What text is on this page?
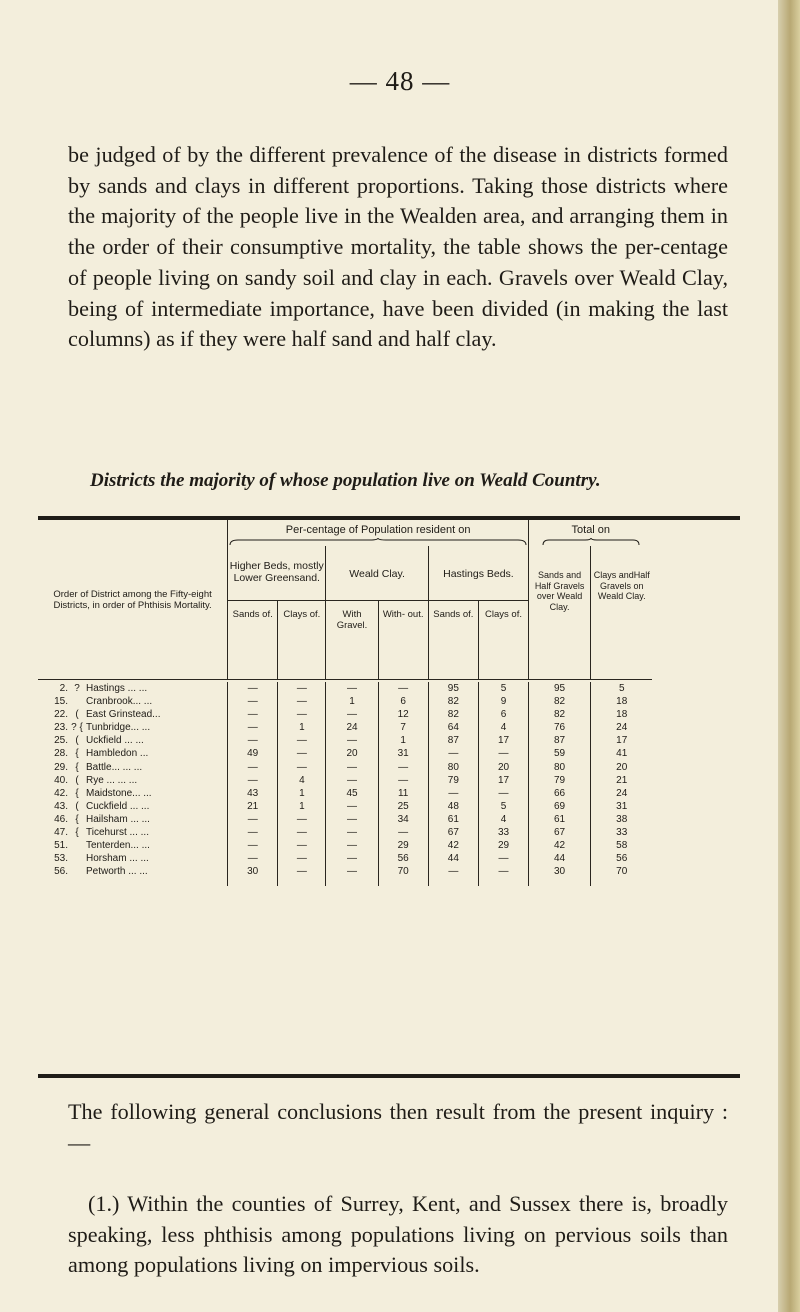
— 48 —

be judged of by the different prevalence of the disease in districts formed by sands and clays in different proportions. Taking those districts where the majority of the people live in the Wealden area, and arranging them in the order of their consumptive mortality, the table shows the per-centage of people living on sandy soil and clay in each. Gravels over Weald Clay, being of intermediate importance, have been divided (in making the last columns) as if they were half sand and half clay.

Districts the majority of whose population live on Weald Country.

Order of District among the Fifty-eight Districts, in order of Phthisis Mortality.	Per-centage of Population resident on						Total on	

	Higher Beds, mostly Lower Greensand.		Weald Clay.		Hastings Beds.		Sands and Half Gravels over Weald Clay.	Clays andHalf Gravels on Weald Clay.	
	Sands of.	Clays of.	With Gravel.	With- out.	Sands of.	Clays of.			

2. ? Hastings ... ...	—	—	—	—	95	5	95	5	
15. Cranbrook... ...	—	—	1	6	82	9	82	18	
22. ( East Grinstead...	—	—	—	12	82	6	82	18	
23. ? { Tunbridge... ...	—	1	24	7	64	4	76	24	
25. ( Uckfield ... ...	—	—	—	1	87	17	87	17	
28. { Hambledon ...	49	—	20	31	—	—	59	41	
29. { Battle... ... ...	—	—	—	—	80	20	80	20	
40. ( Rye ... ... ...	—	4	—	—	79	17	79	21	
42. { Maidstone... ...	43	1	45	11	—	—	66	24	
43. ( Cuckfield ... ...	21	1	—	25	48	5	69	31	
46. { Hailsham ... ...	—	—	—	34	61	4	61	38	
47. { Ticehurst ... ...	—	—	—	—	67	33	67	33	
51. Tenterden... ...	—	—	—	29	42	29	42	58	
53. Horsham ... ...	—	—	—	56	44	—	44	56	
56. Petworth ... ...	30	—	—	70	—	—	30	70	

The following general conclusions then result from the present inquiry :—

(1.) Within the counties of Surrey, Kent, and Sussex there is, broadly speaking, less phthisis among populations living on pervious soils than among populations living on impervious soils.
